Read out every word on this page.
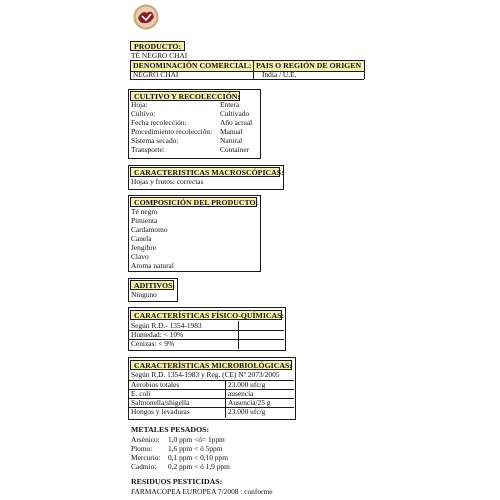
PRODUCTO:
TÉ NEGRO CHAI
DENOMINACIÓN COMERCIAL: PAIS O REGIÓN DE ORIGEN
NEGRO CHAI	India / U.E.
CULTIVO Y RECOLECCIÓN:
Hoja:	Entera
Cultivo:	Cultivado
Fecha recolección:	Año actual
Procedimiento recolección: Manual
Sistema secado:	Natural
Transporte:	Container
CARACTERISTICAS MACROSCÓPICAS:
Hojas y frutos: correctas
COMPOSICIÓN DEL PRODUCTO:
Té negro
Pimienta
Cardamomo
Canela
Jengibre
Clavo
Aroma natural
ADITIVOS:
Ninguno
CARACTERÍSTICAS FÍSICO-QUÍMICAS:
Según R.D.- 1354-1983
Humedad: < 10%
Cenizas: < 9%
CARACTERÍSTICAS MICROBIOLÓGICAS:
Según R.D. 1354-1983 y Reg. (CE) Nº 2073/2005
Aerobios totales	23.000 ufc/g
E. coli	ausencia
Salmonella/shigella	Ausencia/25 g
Hongos y levaduras	23.000 ufc/g
METALES PESADOS:
Arsénico: 1,0 ppm <ó= 1ppm
Plomo: 1,6 ppm < ó 5ppm
Mercurio: 0,1 ppm < 0,10 ppm
Cadmio: 0,2 ppm < ó 1,9 ppm
RESIDUOS PESTICIDAS:
FARMACOPEA EUROPEA 7/2008 : conforme
